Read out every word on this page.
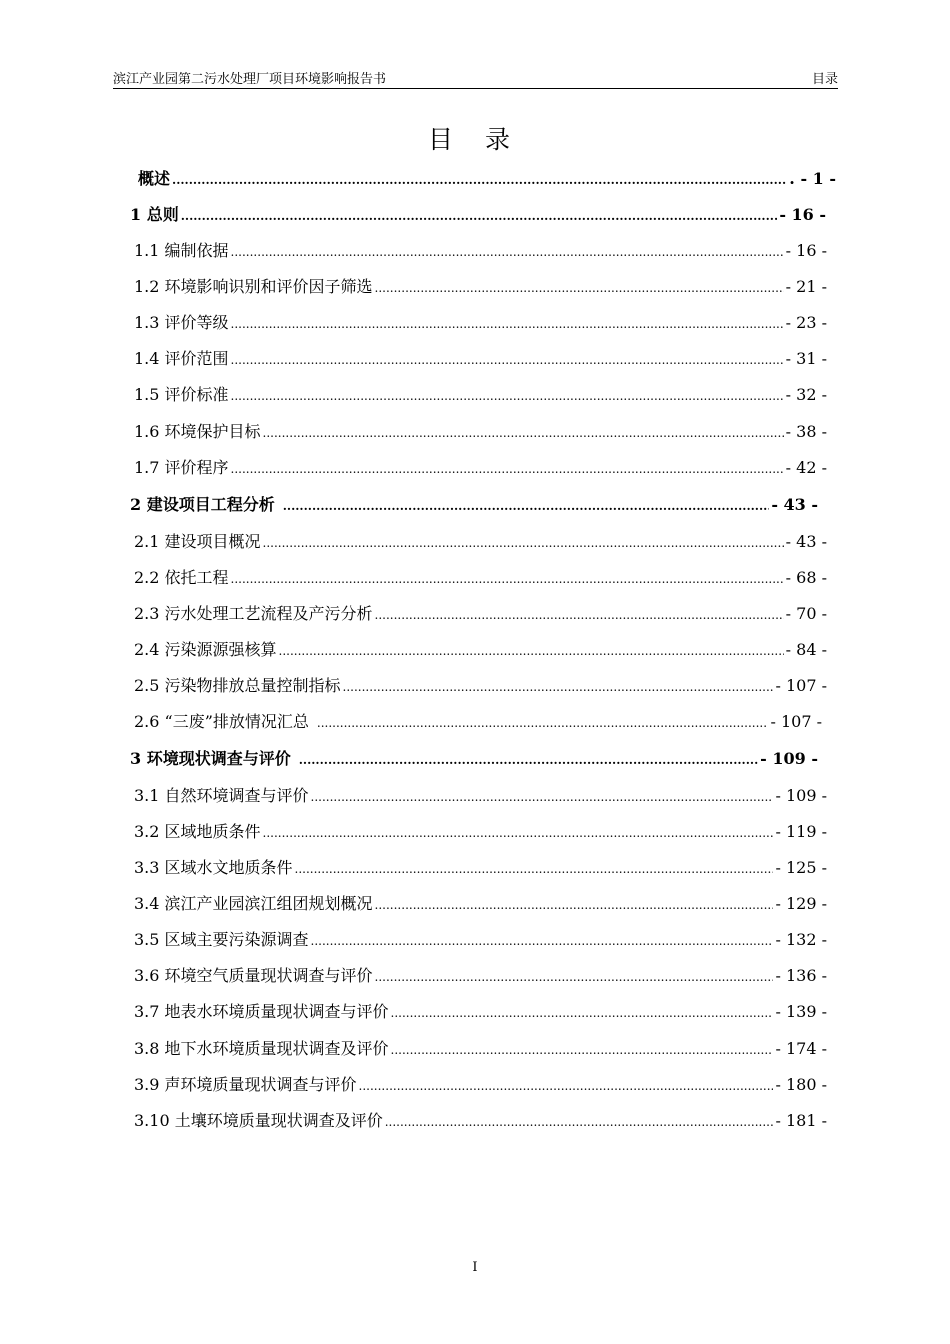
滨江产业园第二污水处理厂项目环境影响报告书	目录
目 录
概述 .....	. - 1 -
1 总则 .....	- 16 -
1.1 编制依据 .....	- 16 -
1.2 环境影响识别和评价因子筛选 .....	- 21 -
1.3 评价等级 .....	- 23 -
1.4 评价范围 .....	- 31 -
1.5 评价标准 .....	- 32 -
1.6 环境保护目标 .....	- 38 -
1.7 评价程序 .....	- 42 -
2 建设项目工程分析 .....	- 43 -
2.1 建设项目概况 .....	- 43 -
2.2 依托工程 .....	- 68 -
2.3 污水处理工艺流程及产污分析 .....	- 70 -
2.4 污染源源强核算 .....	- 84 -
2.5 污染物排放总量控制指标 .....	- 107 -
2.6 “三废”排放情况汇总 .....	- 107 -
3 环境现状调查与评价 .....	- 109 -
3.1 自然环境调查与评价 .....	- 109 -
3.2 区域地质条件 .....	- 119 -
3.3 区域水文地质条件 .....	- 125 -
3.4 滨江产业园滨江组团规划概况 .....	- 129 -
3.5 区域主要污染源调查 .....	- 132 -
3.6 环境空气质量现状调查与评价 .....	- 136 -
3.7 地表水环境质量现状调查与评价 .....	- 139 -
3.8 地下水环境质量现状调查及评价 .....	- 174 -
3.9 声环境质量现状调查与评价 .....	- 180 -
3.10 土壤环境质量现状调查及评价 .....	- 181 -
I
